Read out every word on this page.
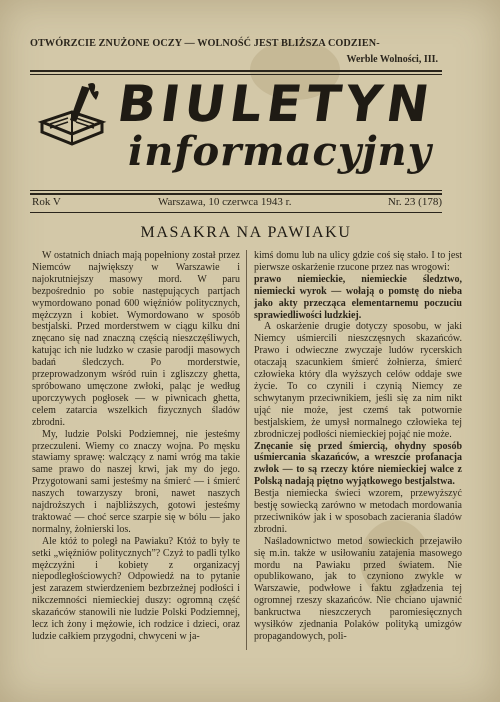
OTWÓRZCIE ZNUŻONE OCZY — WOLNOŚĆ JEST BLIŻSZA CODZIEN-
Werble Wolności, III.
BIULETYN
informacyjny
Rok V	Warszawa, 10 czerwca 1943 r.	Nr. 23 (178)
MASAKRA NA PAWIAKU

W ostatnich dniach mają popełniony został przez Niemców największy w Warszawie i najokrutniejszy masowy mord. W paru bezpośrednio po sobie następujących partjach wymordowano ponad 600 więźniów politycznych, mężczyzn i kobiet. Wymordowano w sposób bestjalski. Przed morderstwem w ciągu kilku dni znęcano się nad znaczną częścią nieszczęśliwych, katując ich nie ludzko w czasie parodji masowych badań śledczych. Po morderstwie, przeprowadzonym wśród ruin i zgliszczy ghetta, spróbowano umęczone zwłoki, paląc je według uporczywych pogłosek — w piwnicach ghetta, celem zatarcia wszelkich fizycznych śladów zbrodni.

My, ludzie Polski Podziemnej, nie jesteśmy przeczuleni. Wiemy co znaczy wojna. Po męsku stawiamy sprawę: walczący z nami wróg ma takie same prawo do naszej krwi, jak my do jego. Przygotowani sami jesteśmy na śmierć — i śmierć naszych towarzyszy broni, nawet naszych najdroższych i najbliższych, gotowi jesteśmy traktować — choć serce szarpie się w bólu — jako normalny, żołnierski los.

Ale któż to poległ na Pawiaku? Któż to były te setki „więźniów politycznych”? Czyż to padli tylko mężczyźni i kobiety z organizacyj niepodległościowych? Odpowiedź na to pytanie jest zarazem stwierdzeniem bezbrzeżnej podłości i nikczemności niemieckiej duszy: ogromną część skazańców stanowili nie ludzie Polski Podziemnej, lecz ich żony i mężowie, ich rodzice i dzieci, oraz ludzie całkiem przygodni, chwyceni w ja-

kimś domu lub na ulicy gdzie coś się stało. I to jest pierwsze oskarżenie rzucone przez nas wrogowi:

prawo niemieckie, niemieckie śledztwo, niemiecki wyrok — wołają o pomstę do nieba jako akty przecząca elementarnemu poczuciu sprawiedliwości ludzkiej.

A oskarżenie drugie dotyczy sposobu, w jaki Niemcy uśmiercili nieszczęsnych skazańców. Prawo i odwieczne zwyczaje ludów rycerskich otaczają szacunkiem śmierć żołnierza, śmierć człowieka który dla wyższych celów oddaje swe życie. To co czynili i czynią Niemcy ze schwytanym przeciwnikiem, jeśli się za nim nikt ująć nie może, jest czemś tak potwornie bestjalskiem, że umysł normalnego człowieka tej zbrodniczej podłości niemieckiej pojąć nie może.

Znęcanie się przed śmiercią, ohydny sposób uśmiercania skazańców, a wreszcie profanacja zwłok — to są rzeczy które niemieckiej walce z Polską nadają piętno wyjątkowego bestjalstwa.

Bestja niemiecka świeci wzorem, przewyższyć bestję sowiecką zarówno w metodach mordowania przeciwników jak i w sposobach zacierania śladów zbrodni.

Naśladownictwo metod sowieckich przejawiło się m.in. także w usiłowaniu zatajenia masowego mordu na Pawiaku przed światem. Nie opublikowano, jak to czyniono zwykle w Warszawie, podwłowe i faktu zgładzenia tej ogromnej rzeszy skazańców. Nie chciano ujawnić bankructwa nieszczerych paromiesięcznych wysiłków zjednania Polaków polityką umizgów propagandowych, poli-
